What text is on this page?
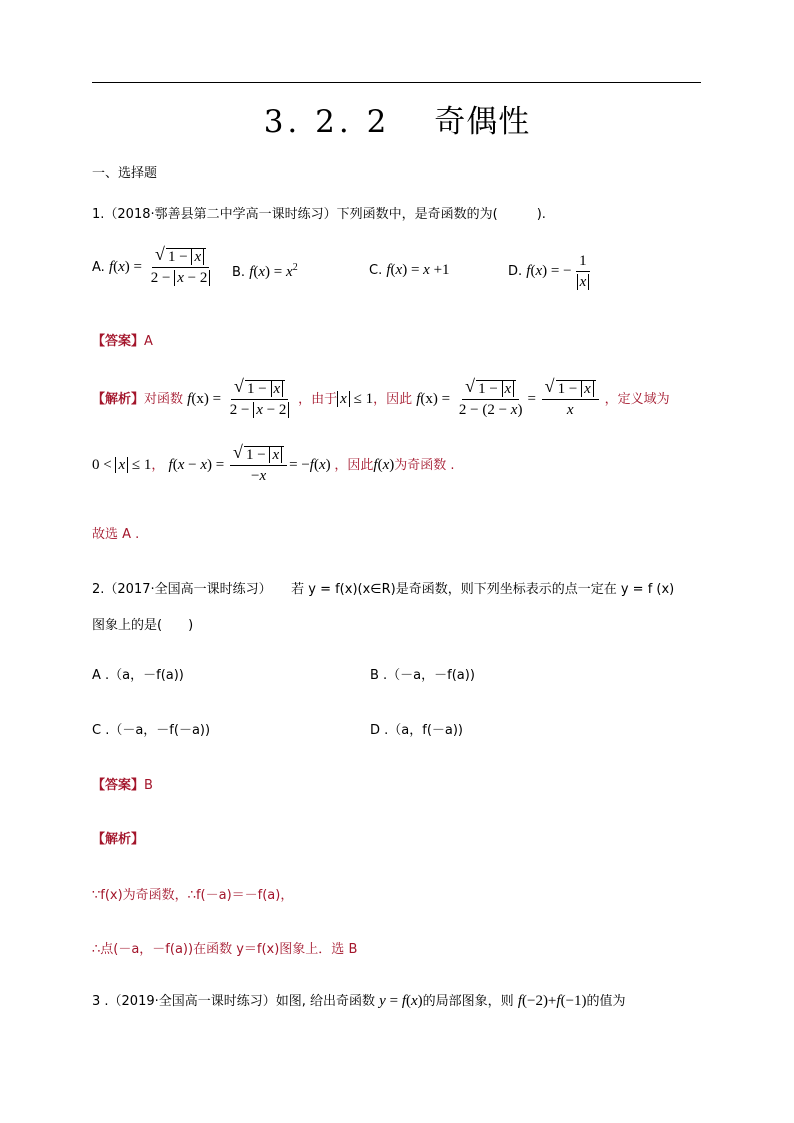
3. 2. 2 奇偶性
一、选择题
1.（2018·鄠善县第二中学高一课时练习）下列函数中，是奇函数的为(　　　).
A. $f(x) = \frac{√ 1 - x}{2 - x - 2} B$. $f(x) = x^2$	C. f(x) = x +1	D. f(x) = − $\frac{1}{x}$
【答案】A
【解析】对函数 $f(x) = \frac{√ 1 - x}{2 - x - 2}$ ，由于 x ≤ 1，因此 $f(x) = \frac{√ 1 - x}{2 - (2 - x)} = \frac{√ 1 - x}{x}$ ，定义域为
0 < x ≤ 1， $f(x - x) = \frac{√ 1 - x}{-x} = -f(x)$ ，因此f(x)为奇函数 .
故选 A .
2.（2017·全国高一课时练习）　　若 y = f(x)(x∈R)是奇函数，则下列坐标表示的点一定在 y = f (x)
图象上的是(　　)
A .（a，－f(a))	B .（－a，－f(a))
C .（－a，－f(－a))	D .（a，f(－a))
【答案】B
【解析】
∵f(x)为奇函数，∴f(－a)＝－f(a)，
∴点(－a，－f(a))在函数 y＝f(x)图象上．选 B
3 .（2019·全国高一课时练习）如图, 给出奇函数 y = f(x)的局部图象，则 f(−2)+f(−1)的值为
